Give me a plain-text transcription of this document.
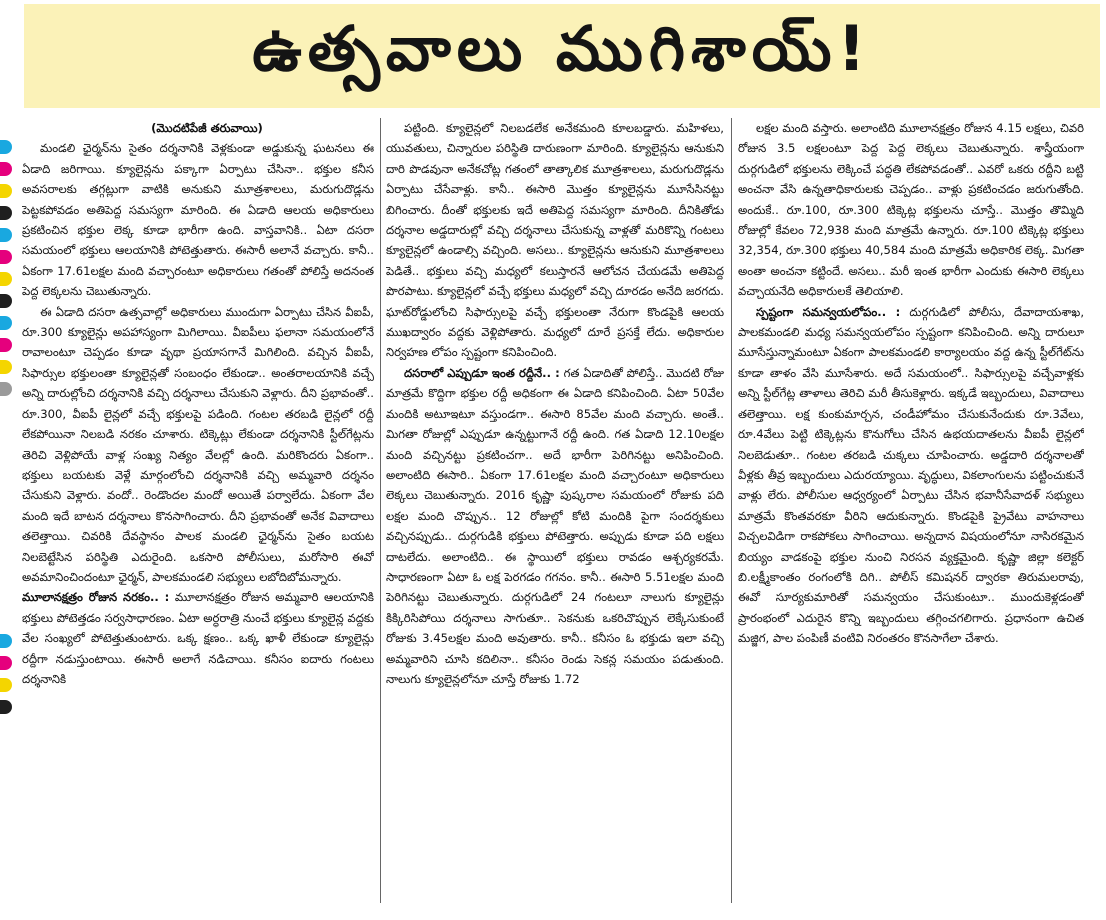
ఉత్సవాలు ముగిశాయ్!

(మొదటిపేజీ తరువాయి)

మండలి ఛైర్మన్‌ను సైతం దర్శనానికి వెళ్లకుండా అడ్డుకున్న ఘటనలు ఈ ఏడాది జరిగాయి. క్యూలైన్లను పక్కాగా ఏర్పాటు చేసినా.. భక్తుల కనీస అవసరాలకు తగ్గట్లుగా వాటికి అనుకుని మూత్రశాలలు, మరుగుదొడ్లను పెట్టకపోవడం అతిపెద్ద సమస్యగా మారింది. ఈ ఏడాది ఆలయ అధికారులు ప్రకటించిన భక్తుల లెక్క కూడా భారీగా ఉంది. వాస్తవానికి.. ఏటా దసరా సమయంలో భక్తులు ఆలయానికి పోటెత్తుతారు. ఈసారీ అలానే వచ్చారు. కానీ.. ఏకంగా 17.61లక్షల మంది వచ్చారంటూ అధికారులు గతంతో పోలిస్తే అదనంత పెద్ద లెక్కలను చెబుతున్నారు.

ఈ ఏడాది దసరా ఉత్సవాల్లో అధికారులు ముందుగా ఏర్పాటు చేసిన వీఐపీ, రూ.300 క్యూలైన్లు అపహాస్యంగా మిగిలాయి. వీఐపీలు ఫలానా సమయంలోనే రావాలంటూ చెప్పడం కూడా వృథా ప్రయాసగానే మిగిలింది. వచ్చిన వీఐపీ, సిఫార్సుల భక్తులంతా క్యూలైన్లతో సంబంధం లేకుండా.. అంతరాలయానికి వచ్చే అన్ని దారుల్లోంచి దర్శనానికి వచ్చి దర్శనాలు చేసుకుని వెళ్లారు. దీని ప్రభావంతో.. రూ.300, వీఐపీ లైన్లలో వచ్చే భక్తులపై పడింది. గంటల తరబడి లైన్లలో రద్దీ లేకపోయినా నిలబడి నరకం చూశారు. టిక్కెట్లు లేకుండా దర్శనానికి స్టీల్‌గేట్లను తెరిచి వెళ్లిపోయే వాళ్ల సంఖ్య నిత్యం వేలల్లో ఉంది. మరికొందరు ఏకంగా.. భక్తులు బయటకు వెళ్లే మార్గంలోంచి దర్శనానికి వచ్చి అమ్మవారి దర్శనం చేసుకుని వెళ్లారు. వందో.. రెండొందల మందో అయితే పర్వాలేదు. ఏకంగా వేల మంది ఇదే బాటన దర్శనాలు కొనసాగించారు. దీని ప్రభావంతో అనేక వివాదాలు తలెత్తాయి. చివరికి దేవస్థానం పాలక మండలి ఛైర్మన్‌ను సైతం బయట నిలబెట్టేసిన పరిస్థితి ఎదురైంది. ఒకసారి పోలీసులు, మరోసారి ఈవో అవమానించిందంటూ ఛైర్మన్, పాలకమండలి సభ్యులు లబోదిబోమన్నారు.

మూలానక్షత్రం రోజున నరకం.. : మూలానక్షత్రం రోజున అమ్మవారి ఆలయానికి భక్తులు పోటెత్తడం సర్వసాధారణం. ఏటా అర్ధరాత్రి నుంచే భక్తులు క్యూలైన్ల వద్దకు వేల సంఖ్యలో పోటెత్తుతుంటారు. ఒక్క క్షణం.. ఒక్క ఖాళీ లేకుండా క్యూలైన్లు రద్దీగా నడుస్తుంటాయి. ఈసారీ అలాగే నడిచాయి. కనీసం ఐదారు గంటలు దర్శనానికి

పట్టింది. క్యూలైన్లలో నిలబడలేక అనేకమంది కూలబడ్డారు. మహిళలు, యువతులు, చిన్నారుల పరిస్థితి దారుణంగా మారింది. క్యూలైన్లను ఆనుకుని దారి పొడవునా అనేకచోట్ల గతంలో తాత్కాలిక మూత్రశాలలు, మరుగుదొడ్లను ఏర్పాటు చేసేవాళ్లు. కానీ.. ఈసారి మొత్తం క్యూలైన్లను మూసేసినట్టు బిగించారు. దీంతో భక్తులకు ఇదే అతిపెద్ద సమస్యగా మారింది. దీనికితోడు దర్శనాల అడ్డదారుల్లో వచ్చి దర్శనాలు చేసుకున్న వాళ్లతో మరికొన్ని గంటలు క్యూలైన్లలో ఉండాల్సి వచ్చింది. అసలు.. క్యూలైన్లను ఆనుకుని మూత్రశాలలు పెడితే.. భక్తులు వచ్చి మధ్యలో కలుస్తారనే ఆలోచన చేయడమే అతిపెద్ద పొరపాటు. క్యూలైన్లలో వచ్చే భక్తులు మధ్యలో వచ్చి దూరడం అనేది జరగదు. ఘాట్‌రోడ్డులోంచి సిఫార్సులపై వచ్చే భక్తులంతా నేరుగా కొండపైకి ఆలయ ముఖద్వారం వద్దకు వెళ్లిపోతారు. మధ్యలో దూరే ప్రసక్తే లేదు. అధికారుల నిర్వహణ లోపం స్పష్టంగా కనిపించింది.

దసరాలో ఎప్పుడూ ఇంత రద్దీనే.. : గత ఏడాదితో పోలిస్తే.. మొదటి రోజు మాత్రమే కొద్దిగా భక్తుల రద్దీ అధికంగా ఈ ఏడాది కనిపించింది. ఏటా 50వేల మందికి అటూఇటూ వస్తుండగా.. ఈసారి 85వేల మంది వచ్చారు. అంతే.. మిగతా రోజుల్లో ఎప్పుడూ ఉన్నట్టుగానే రద్దీ ఉంది. గత ఏడాది 12.10లక్షల మంది వచ్చినట్టు ప్రకటించగా.. అదే భారీగా పెరిగినట్టు అనిపించింది. అలాంటిది ఈసారి.. ఏకంగా 17.61లక్షల మంది వచ్చారంటూ అధికారులు లెక్కలు చెబుతున్నారు. 2016 కృష్ణా పుష్కరాల సమయంలో రోజుకు పది లక్షల మంది చొప్పున.. 12 రోజుల్లో కోటి మందికి పైగా సందర్శకులు వచ్చినప్పుడు.. దుర్గగుడికి భక్తులు పోటెత్తారు. అప్పుడు కూడా పది లక్షలు దాటలేదు. అలాంటిది.. ఈ స్థాయిలో భక్తులు రావడం ఆశ్చర్యకరమే. సాధారణంగా ఏటా ఓ లక్ష పెరగడం గగనం. కానీ.. ఈసారి 5.51లక్షల మంది పెరిగినట్టు చెబుతున్నారు. దుర్గగుడిలో 24 గంటలూ నాలుగు క్యూలైన్లు కిక్కిరిసిపోయి దర్శనాలు సాగుతూ.. సెకనుకు ఒకరిచొప్పున లెక్కేసుకుంటే రోజుకు 3.45లక్షల మంది అవుతారు. కానీ.. కనీసం ఓ భక్తుడు ఇలా వచ్చి అమ్మవారిని చూసి కదిలినా.. కనీసం రెండు సెకన్ల సమయం పడుతుంది. నాలుగు క్యూలైన్లలోనూ చూస్తే రోజుకు 1.72

లక్షల మంది వస్తారు. అలాంటిది మూలానక్షత్రం రోజున 4.15 లక్షలు, చివరి రోజున 3.5 లక్షలంటూ పెద్ద పెద్ద లెక్కలు చెబుతున్నారు. శాస్త్రీయంగా దుర్గగుడిలో భక్తులను లెక్కించే పద్ధతి లేకపోవడంతో.. ఎవరో ఒకరు రద్దీని బట్టి అంచనా వేసి ఉన్నతాధికారులకు చెప్పడం.. వాళ్లు ప్రకటించడం జరుగుతోంది. అందుకే.. రూ.100, రూ.300 టిక్కెట్ల భక్తులను చూస్తే.. మొత్తం తొమ్మిది రోజుల్లో కేవలం 72,938 మంది మాత్రమే ఉన్నారు. రూ.100 టిక్కెట్ల భక్తులు 32,354, రూ.300 భక్తులు 40,584 మంది మాత్రమే అధికారిక లెక్క. మిగతా అంతా అంచనా కట్టిందే. అసలు.. మరీ ఇంత భారీగా ఎందుకు ఈసారి లెక్కలు వచ్చాయనేది అధికారులకే తెలియాలి.

స్పష్టంగా సమన్వయలోపం.. : దుర్గగుడిలో పోలీసు, దేవాదాయశాఖ, పాలకమండలి మధ్య సమన్వయలోపం స్పష్టంగా కనిపించింది. అన్ని దారులూ మూసేస్తున్నామంటూ ఏకంగా పాలకమండలి కార్యాలయం వద్ద ఉన్న స్టీల్‌గేట్‌ను కూడా తాళం వేసి మూసేశారు. అదే సమయంలో.. సిఫార్సులపై వచ్చేవాళ్లకు అన్ని స్టీల్‌గేట్ల తాళాలు తెరిచి మరీ తీసుకెళ్లారు. ఇక్కడే ఇబ్బందులు, వివాదాలు తలెత్తాయి. లక్ష కుంకుమార్చన, చండీహోమం చేసుకునేందుకు రూ.3వేలు, రూ.4వేలు పెట్టి టిక్కెట్లను కొనుగోలు చేసిన ఉభయదాతలను వీఐపీ లైన్లలో నిలబెడుతూ.. గంటల తరబడి చుక్కలు చూపించారు. అడ్డదారి దర్శనాలతో వీళ్లకు తీవ్ర ఇబ్బందులు ఎదురయ్యాయి. వృద్ధులు, వికలాంగులను పట్టించుకునే వాళ్లు లేరు. పోలీసుల ఆధ్వర్యంలో ఏర్పాటు చేసిన భవానీసేవాదళ్ సభ్యులు మాత్రమే కొంతవరకూ వీరిని ఆదుకున్నారు. కొండపైకి ప్రైవేటు వాహనాలు విచ్చలవిడిగా రాకపోకలు సాగించాయి. అన్నదాన విషయంలోనూ నాసిరకమైన బియ్యం వాడకంపై భక్తుల నుంచి నిరసన వ్యక్తమైంది. కృష్ణా జిల్లా కలెక్టర్ బి.లక్ష్మీకాంతం రంగంలోకి దిగి.. పోలీస్ కమిషనర్ ద్వారకా తిరుమలరావు, ఈవో సూర్యకుమారితో సమన్వయం చేసుకుంటూ.. ముందుకెళ్లడంతో ప్రారంభంలో ఎదురైన కొన్ని ఇబ్బందులు తగ్గించగలిగారు. ప్రధానంగా ఉచిత మజ్జిగ, పాల పంపిణీ వంటివి నిరంతరం కొనసాగేలా చేశారు.
